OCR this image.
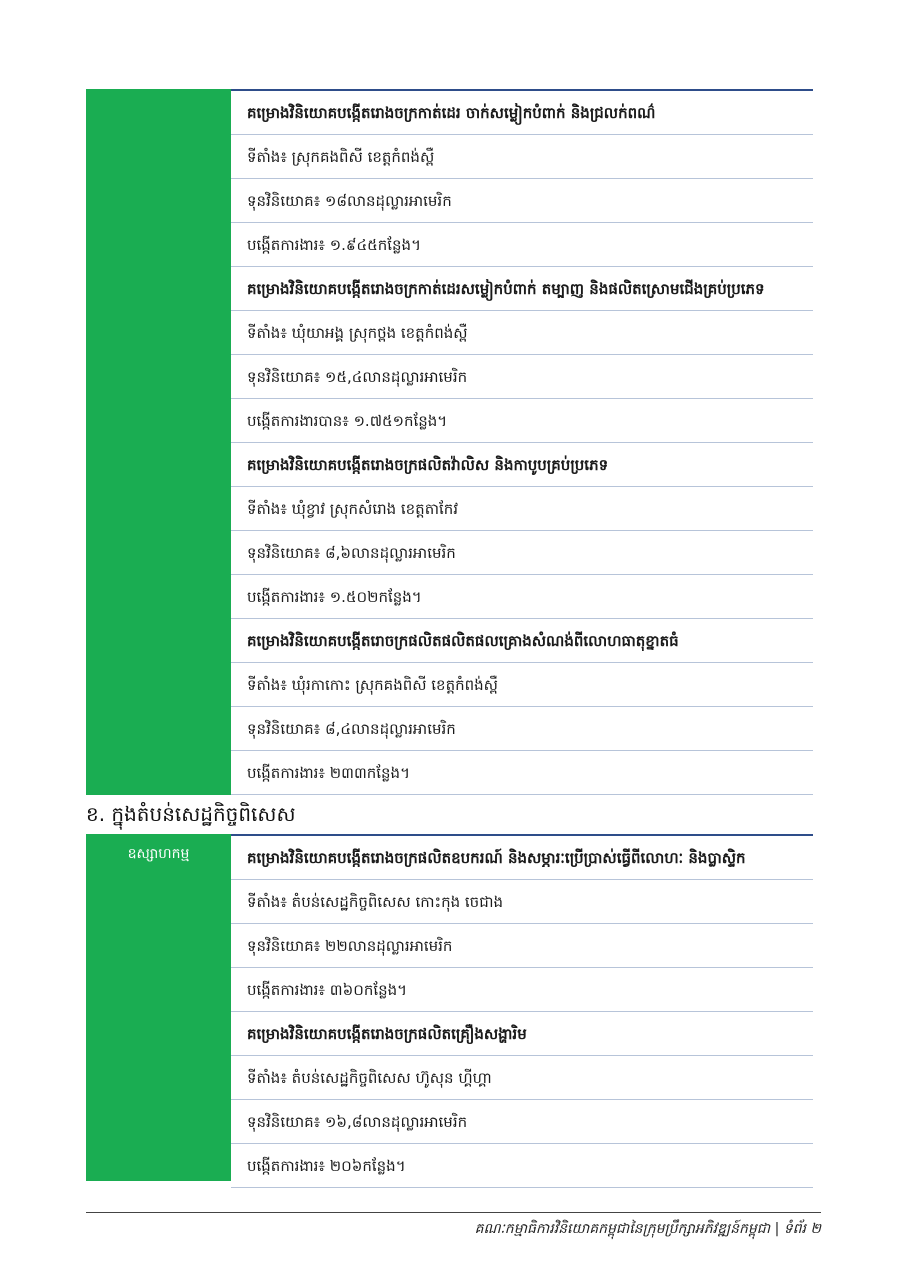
គម្រោងវិនិយោគបង្កើតរោងចក្រកាត់ដេរ ចាក់សម្លៀកបំពាក់ និងជ្រលក់ពណ៌
ទីតាំង៖ ស្រុកគងពិសី ខេត្តកំពង់ស្ពឺ
ទុនវិនិយោគ៖ ១៨លានដុល្លារអាមេរិក
បង្កើតការងារ៖ ១.៩៤៥កន្លែង។
គម្រោងវិនិយោគបង្កើតរោងចក្រកាត់ដេរសម្លៀកបំពាក់ តម្បាញ និងផលិតស្រោមជើងគ្រប់ប្រភេទ
ទីតាំង៖ ឃុំយាអង្គ ស្រុកថ្ពង ខេត្តកំពង់ស្ពឺ
ទុនវិនិយោគ៖ ១៥,៤លានដុល្លារអាមេរិក
បង្កើតការងារបាន៖ ១.៧៥១កន្លែង។
គម្រោងវិនិយោគបង្កើតរោងចក្រផលិតវ៉ាលិស និងកាបូបគ្រប់ប្រភេទ
ទីតាំង៖ ឃុំខ្វាវ ស្រុកសំរោង ខេត្តតាកែវ
ទុនវិនិយោគ៖ ៨,៦លានដុល្លារអាមេរិក
បង្កើតការងារ៖ ១.៥០២កន្លែង។
គម្រោងវិនិយោគបង្កើតរោចក្រផលិតផលិតផលគ្រោងសំណង់ពីលោហធាតុខ្នាតធំ
ទីតាំង៖ ឃុំរកាកោះ ស្រុកគងពិសី ខេត្តកំពង់ស្ពឺ
ទុនវិនិយោគ៖ ៨,៤លានដុល្លារអាមេរិក
បង្កើតការងារ៖ ២៣៣កន្លែង។
ខ. ក្នុងតំបន់សេដ្ឋកិច្ចពិសេស
ឧស្សាហកម្ម	គម្រោងវិនិយោគបង្កើតរោងចក្រផលិតឧបករណ៍ និងសម្ភារៈប្រើប្រាស់ធ្វើពីលោហៈ និងប្លាស្ទិក
ទីតាំង៖ តំបន់សេដ្ឋកិច្ចពិសេស កោះកុង ចេជាង
ទុនវិនិយោគ៖ ២២លានដុល្លារអាមេរិក
បង្កើតការងារ៖ ៣៦០កន្លែង។
គម្រោងវិនិយោគបង្កើតរោងចក្រផលិតគ្រឿងសង្ហារិម
ទីតាំង៖ តំបន់សេដ្ឋកិច្ចពិសេស ហ៊ូសុន ហ្គីហ្គា
ទុនវិនិយោគ៖ ១៦,៨លានដុល្លារអាមេរិក
បង្កើតការងារ៖ ២០៦កន្លែង។
គណៈកម្មាធិការវិនិយោគកម្ពុជានៃក្រុមប្រឹក្សាអភិវឌ្ឍន៍កម្ពុជា | ទំព័រ ២
